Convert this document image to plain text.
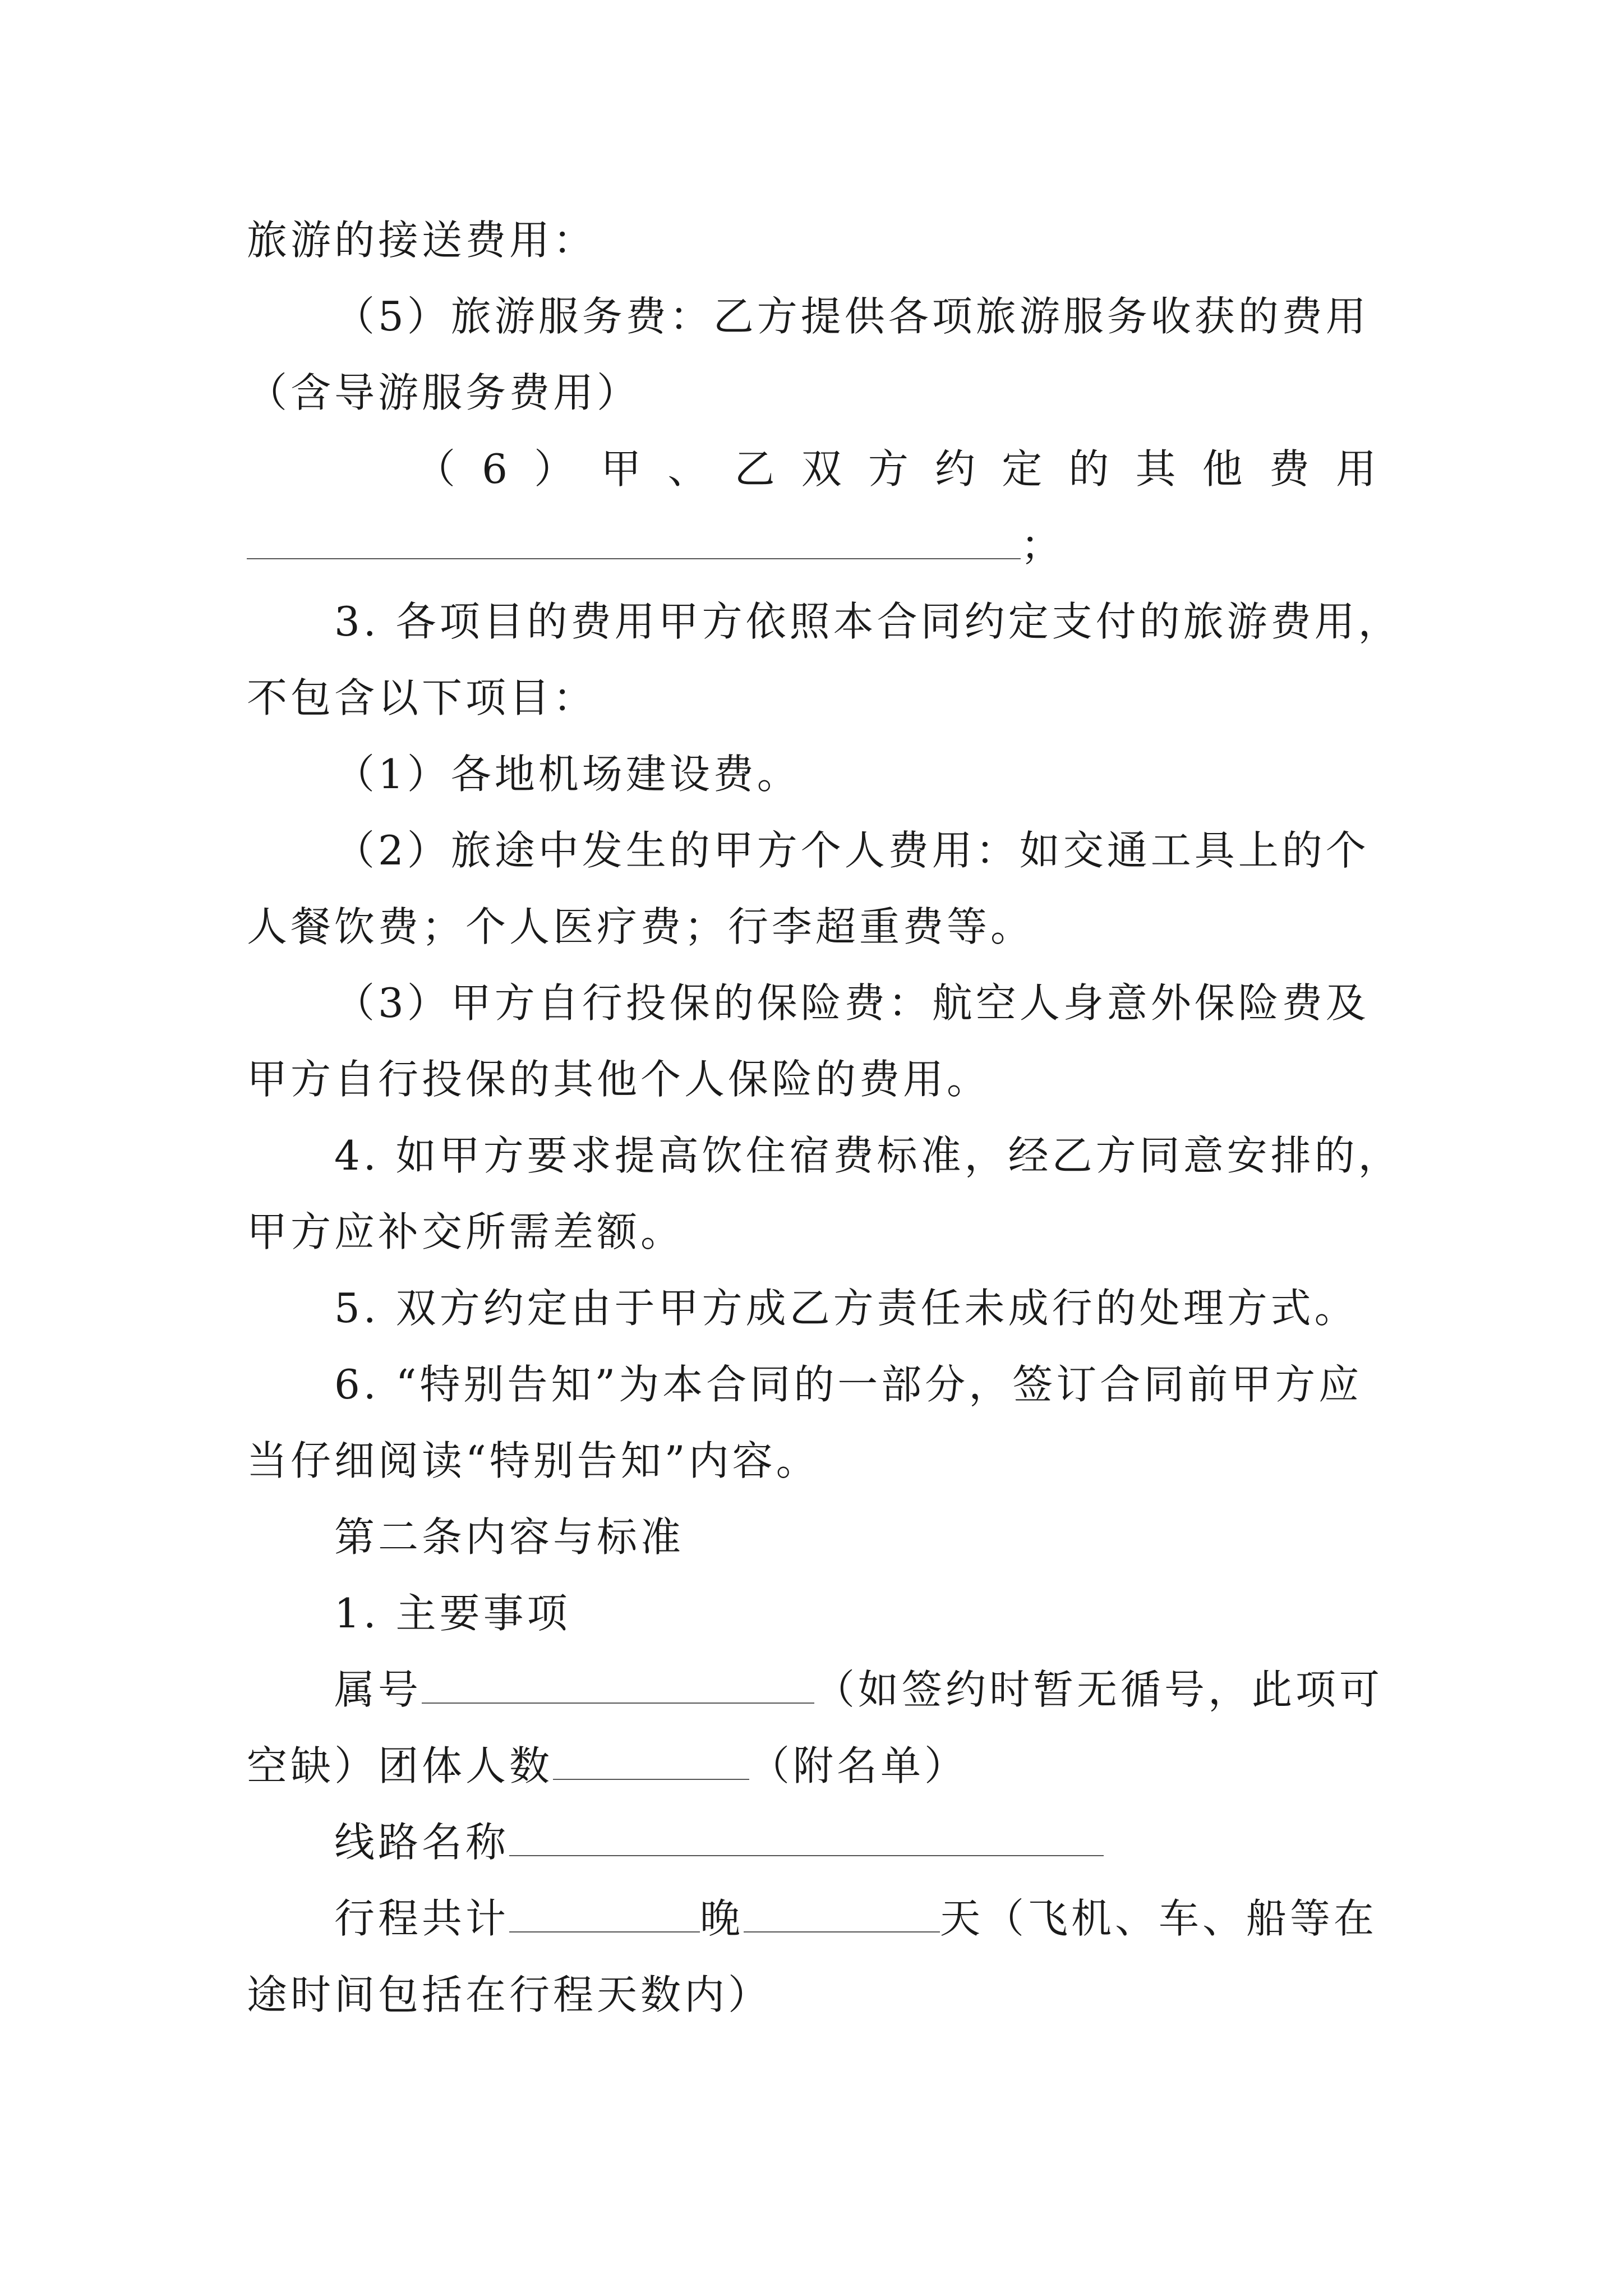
旅游的接送费用：
（5）旅游服务费：乙方提供各项旅游服务收获的费用
（含导游服务费用）
（ 6 ） 甲 、 乙 双 方 约 定 的 其 他 费 用
；
3. 各项目的费用甲方依照本合同约定支付的旅游费用，
不包含以下项目：
（1）各地机场建设费。
（2）旅途中发生的甲方个人费用：如交通工具上的个
人餐饮费；个人医疗费；行李超重费等。
（3）甲方自行投保的保险费：航空人身意外保险费及
甲方自行投保的其他个人保险的费用。
4. 如甲方要求提高饮住宿费标准，经乙方同意安排的，
甲方应补交所需差额。
5. 双方约定由于甲方成乙方责任未成行的处理方式。
6. “特别告知”为本合同的一部分，签订合同前甲方应
当仔细阅读“特别告知”内容。
第二条内容与标准
1. 主要事项
属号	（如签约时暂无循号，此项可
空缺）团体人数	（附名单）
线路名称
行程共计	晚	天（飞机、车、船等在
途时间包括在行程天数内）
